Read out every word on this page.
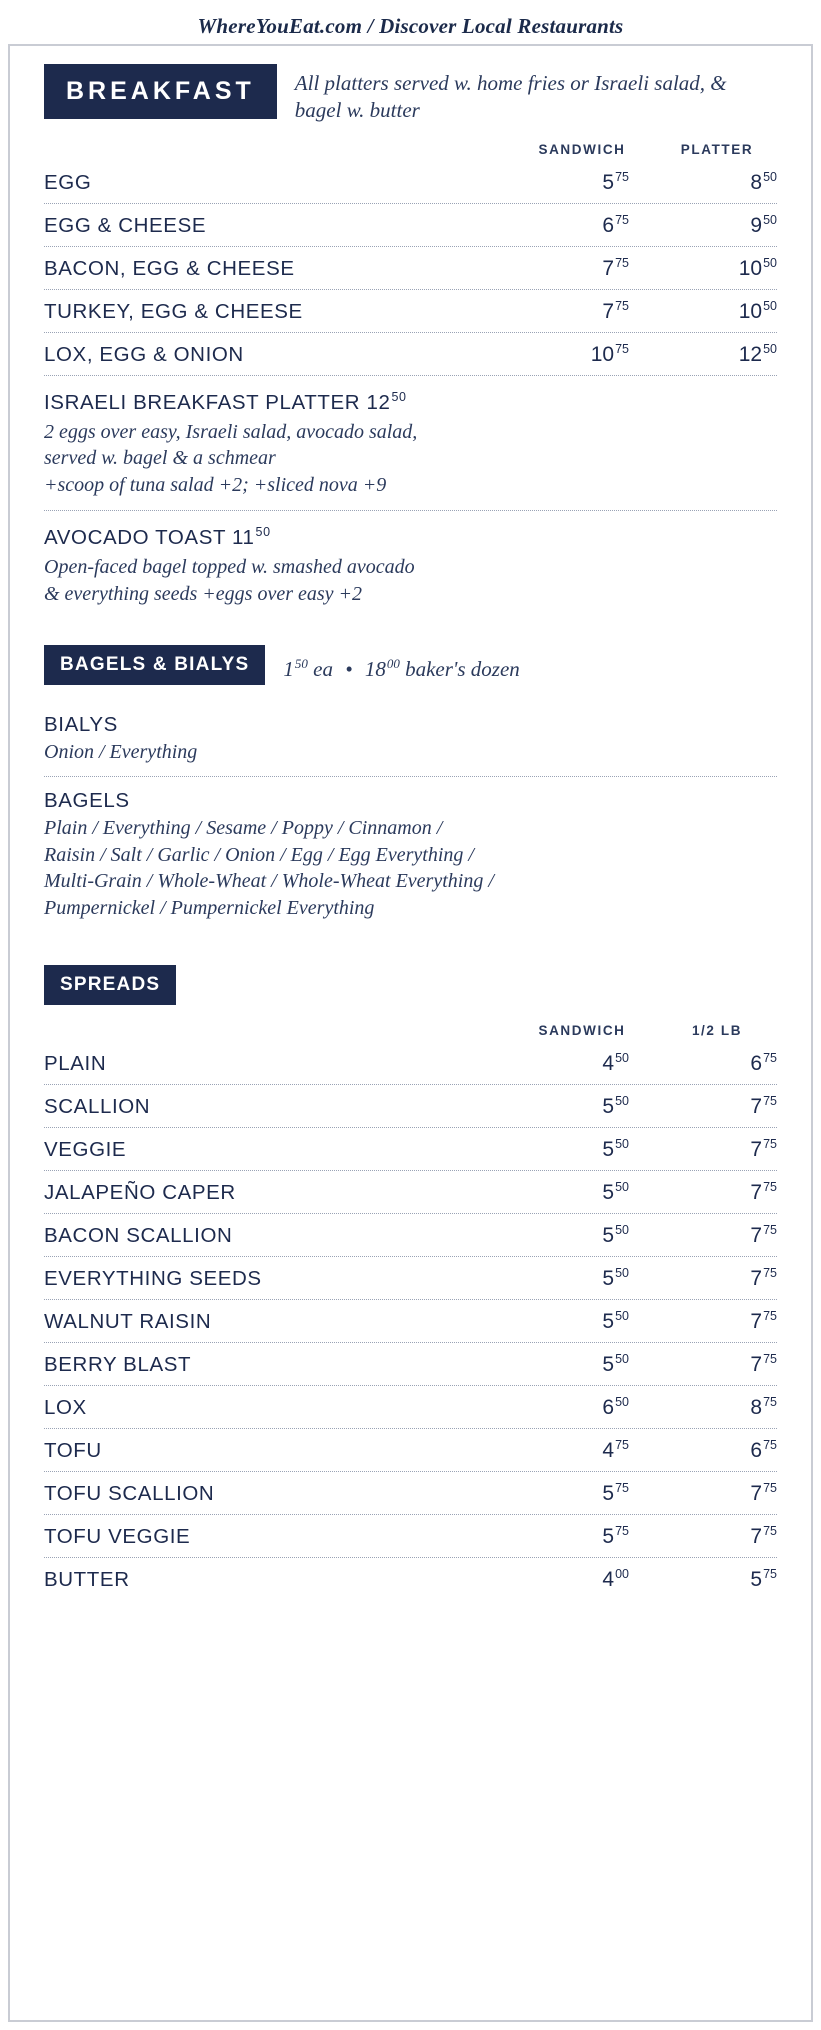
WhereYouEat.com / Discover Local Restaurants
BREAKFAST	All platters served w. home fries or Israeli salad, & bagel w. butter
SANDWICH	PLATTER
EGG	$5^{75}$	$8^{50}$
EGG & CHEESE	$6^{75}$	$9^{50}$
BACON, EGG & CHEESE	$7^{75}$	$10^{50}$
TURKEY, EGG & CHEESE	$7^{75}$	$10^{50}$
LOX, EGG & ONION	$10^{75}$	$12^{50}$
ISRAELI BREAKFAST PLATTER $12^{50}$
2 eggs over easy, Israeli salad, avocado salad,
served w. bagel & a schmear
+scoop of tuna salad +2; +sliced nova +9
AVOCADO TOAST $11^{50}$
Open-faced bagel topped w. smashed avocado
& everything seeds +eggs over easy +2
BAGELS & BIALYS	$1^{50}$ ea • $18^{00}$ baker's dozen
BIALYS
Onion / Everything
BAGELS
Plain / Everything / Sesame / Poppy / Cinnamon /
Raisin / Salt / Garlic / Onion / Egg / Egg Everything /
Multi-Grain / Whole-Wheat / Whole-Wheat Everything /
Pumpernickel / Pumpernickel Everything
SPREADS
SANDWICH	1/2 LB
PLAIN	$4^{50}$	$6^{75}$
SCALLION	$5^{50}$	$7^{75}$
VEGGIE	$5^{50}$	$7^{75}$
JALAPEÑO CAPER	$5^{50}$	$7^{75}$
BACON SCALLION	$5^{50}$	$7^{75}$
EVERYTHING SEEDS	$5^{50}$	$7^{75}$
WALNUT RAISIN	$5^{50}$	$7^{75}$
BERRY BLAST	$5^{50}$	$7^{75}$
LOX	$6^{50}$	$8^{75}$
TOFU	$4^{75}$	$6^{75}$
TOFU SCALLION	$5^{75}$	$7^{75}$
TOFU VEGGIE	$5^{75}$	$7^{75}$
BUTTER	$4^{00}$	$5^{75}$
